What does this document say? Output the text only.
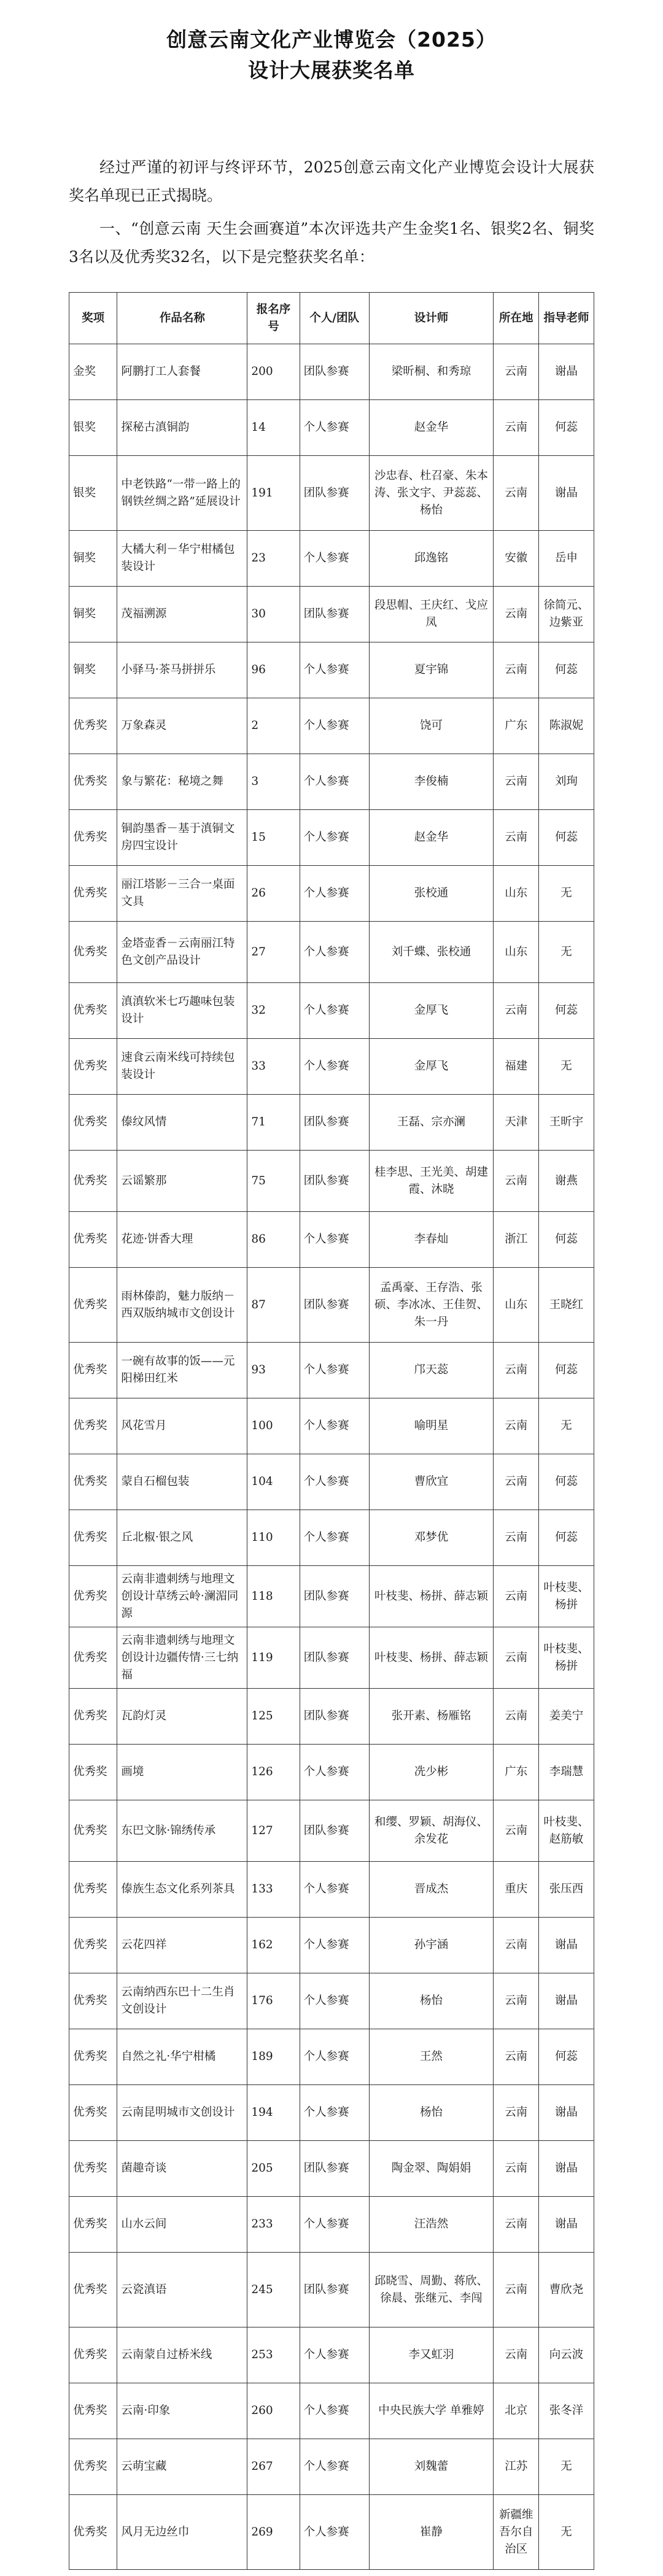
创意云南文化产业博览会（2025）
设计大展获奖名单

经过严谨的初评与终评环节，2025创意云南文化产业博览会设计大展获奖名单现已正式揭晓。

一、“创意云南 天生会画赛道”本次评选共产生金奖1名、银奖2名、铜奖3名以及优秀奖32名，以下是完整获奖名单：

奖项	作品名称	报名序号	个人/团队	设计师	所在地	指导老师
金奖	阿鹏打工人套餐	200	团队参赛	梁昕桐、和秀琼	云南	谢晶
银奖	探秘古滇铜韵	14	个人参赛	赵金华	云南	何蕊
银奖	中老铁路“一带一路上的钢铁丝绸之路”延展设计	191	团队参赛	沙忠春、杜召豪、朱本涛、张文宇、尹蕊蕊、杨怡	云南	谢晶
铜奖	大橘大利－华宁柑橘包装设计	23	个人参赛	邱逸铭	安徽	岳申
铜奖	茂福溯源	30	团队参赛	段思帽、王庆红、戈应凤	云南	徐简元、边紫亚
铜奖	小驿马·茶马拼拼乐	96	个人参赛	夏宇锦	云南	何蕊
优秀奖	万象森灵	2	个人参赛	饶可	广东	陈淑妮
优秀奖	象与繁花：秘境之舞	3	个人参赛	李俊楠	云南	刘珣
优秀奖	铜韵墨香－基于滇铜文房四宝设计	15	个人参赛	赵金华	云南	何蕊
优秀奖	丽江塔影－三合一桌面文具	26	个人参赛	张校通	山东	无
优秀奖	金塔壶香－云南丽江特色文创产品设计	27	个人参赛	刘千蝶、张校通	山东	无
优秀奖	滇滇软米七巧趣味包装设计	32	个人参赛	金厚飞	云南	何蕊
优秀奖	速食云南米线可持续包装设计	33	个人参赛	金厚飞	福建	无
优秀奖	傣纹风情	71	团队参赛	王磊、宗亦澜	天津	王昕宇
优秀奖	云谣繁那	75	团队参赛	桂李思、王光美、胡建霞、沐晓	云南	谢燕
优秀奖	花迹·饼香大理	86	个人参赛	李春灿	浙江	何蕊
优秀奖	雨林傣韵，魅力版纳－西双版纳城市文创设计	87	团队参赛	孟禹豪、王存浩、张硕、李冰冰、王佳贺、朱一丹	山东	王晓红
优秀奖	一碗有故事的饭——元阳梯田红米	93	个人参赛	邝天蕊	云南	何蕊
优秀奖	风花雪月	100	个人参赛	喻明星	云南	无
优秀奖	蒙自石榴包装	104	个人参赛	曹欣宜	云南	何蕊
优秀奖	丘北椒·银之风	110	个人参赛	邓梦优	云南	何蕊
优秀奖	云南非遗刺绣与地理文创设计草绣云岭·澜湄同源	118	团队参赛	叶枝斐、杨拼、薛志颖	云南	叶枝斐、杨拼
优秀奖	云南非遗刺绣与地理文创设计边疆传情·三七纳福	119	团队参赛	叶枝斐、杨拼、薛志颖	云南	叶枝斐、杨拼
优秀奖	瓦韵灯灵	125	团队参赛	张开素、杨雁铭	云南	姜美宁
优秀奖	画境	126	个人参赛	冼少彬	广东	李瑞慧
优秀奖	东巴文脉·锦绣传承	127	团队参赛	和缨、罗颖、胡海仪、余发花	云南	叶枝斐、赵筋敏
优秀奖	傣族生态文化系列茶具	133	个人参赛	晋成杰	重庆	张压西
优秀奖	云花四祥	162	个人参赛	孙宇涵	云南	谢晶
优秀奖	云南纳西东巴十二生肖文创设计	176	个人参赛	杨怡	云南	谢晶
优秀奖	自然之礼·华宁柑橘	189	个人参赛	王然	云南	何蕊
优秀奖	云南昆明城市文创设计	194	个人参赛	杨怡	云南	谢晶
优秀奖	菌趣奇谈	205	团队参赛	陶金翠、陶娟娟	云南	谢晶
优秀奖	山水云间	233	个人参赛	汪浩然	云南	谢晶
优秀奖	云瓷滇语	245	团队参赛	邱晓雪、周勤、蒋欣、徐晨、张继元、李闯	云南	曹欣尧
优秀奖	云南蒙自过桥米线	253	个人参赛	李又虹羽	云南	向云波
优秀奖	云南·印象	260	个人参赛	中央民族大学 单雅婷	北京	张冬洋
优秀奖	云萌宝藏	267	个人参赛	刘魏蕾	江苏	无
优秀奖	风月无边丝巾	269	个人参赛	崔静	新疆维吾尔自治区	无
